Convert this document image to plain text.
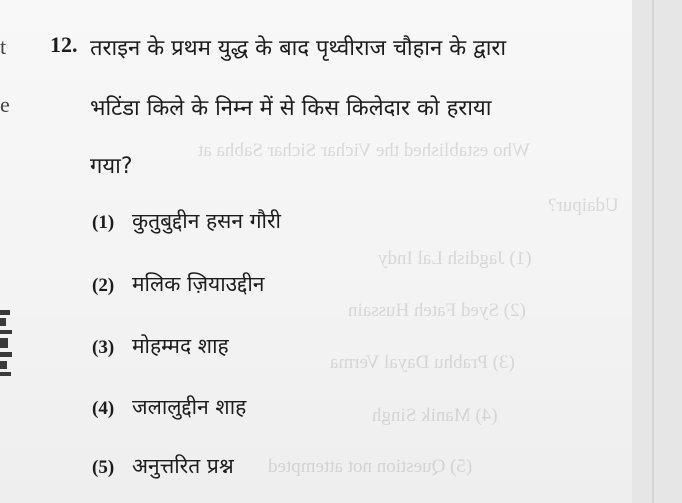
Who established the Vichar Sichar Sabha at
Udaipur?
(1) Jagdish Lal Indy
(2) Syed Fateh Hussain
(3) Prabhu Dayal Verma
(4) Manik Singh
(5) Question not attempted
t
e
12. तराइन के प्रथम युद्ध के बाद पृथ्वीराज चौहान के द्वारा
भटिंडा किले के निम्न में से किस किलेदार को हराया
गया?
(1) कुतुबुद्दीन हसन गौरी
(2) मलिक ज़ियाउद्दीन
(3) मोहम्मद शाह
(4) जलालुद्दीन शाह
(5) अनुत्तरित प्रश्न
